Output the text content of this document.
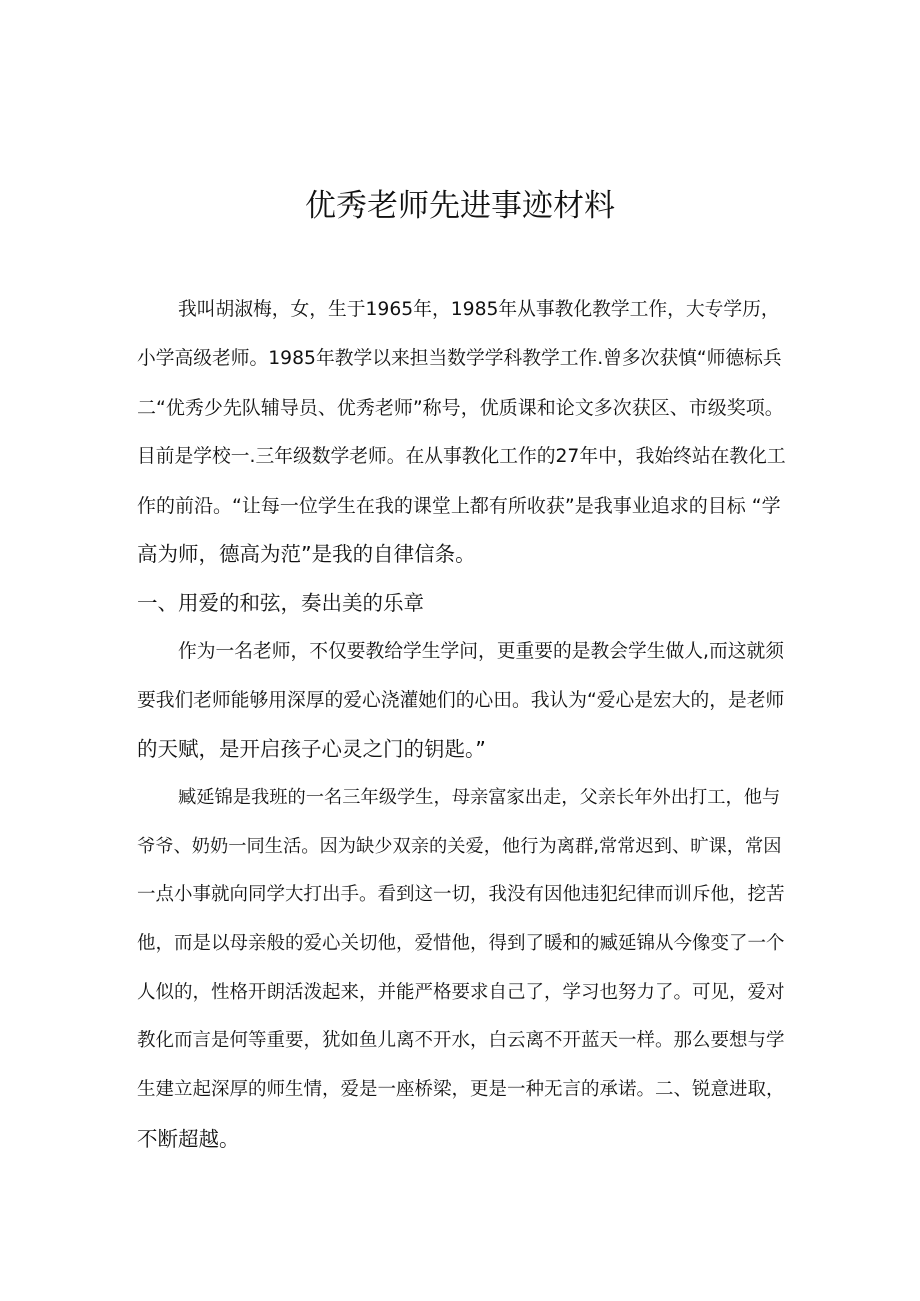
优秀老师先进事迹材料

我叫胡淑梅，女，生于1965年，1985年从事教化教学工作，大专学历，

小学高级老师。1985年教学以来担当数学学科教学工作.曾多次获慎“师德标兵

二“优秀少先队辅导员、优秀老师”称号，优质课和论文多次获区、市级奖项。

目前是学校一.三年级数学老师。在从事教化工作的27年中，我始终站在教化工

作的前沿。“让每一位学生在我的课堂上都有所收获”是我事业追求的目标 “学

高为师，德高为范”是我的自律信条。

一、用爱的和弦，奏出美的乐章

作为一名老师，不仅要教给学生学问，更重要的是教会学生做人,而这就须

要我们老师能够用深厚的爱心浇灌她们的心田。我认为“爱心是宏大的，是老师

的天赋，是开启孩子心灵之门的钥匙。”

臧延锦是我班的一名三年级学生，母亲富家出走，父亲长年外出打工，他与

爷爷、奶奶一同生活。因为缺少双亲的关爱，他行为离群,常常迟到、旷课，常因

一点小事就向同学大打出手。看到这一切，我没有因他违犯纪律而训斥他，挖苦

他，而是以母亲般的爱心关切他，爱惜他，得到了暖和的臧延锦从今像变了一个

人似的，性格开朗活泼起来，并能严格要求自己了，学习也努力了。可见，爱对

教化而言是何等重要，犹如鱼儿离不开水，白云离不开蓝天一样。那么要想与学

生建立起深厚的师生情，爱是一座桥梁，更是一种无言的承诺。二、锐意进取，

不断超越。
